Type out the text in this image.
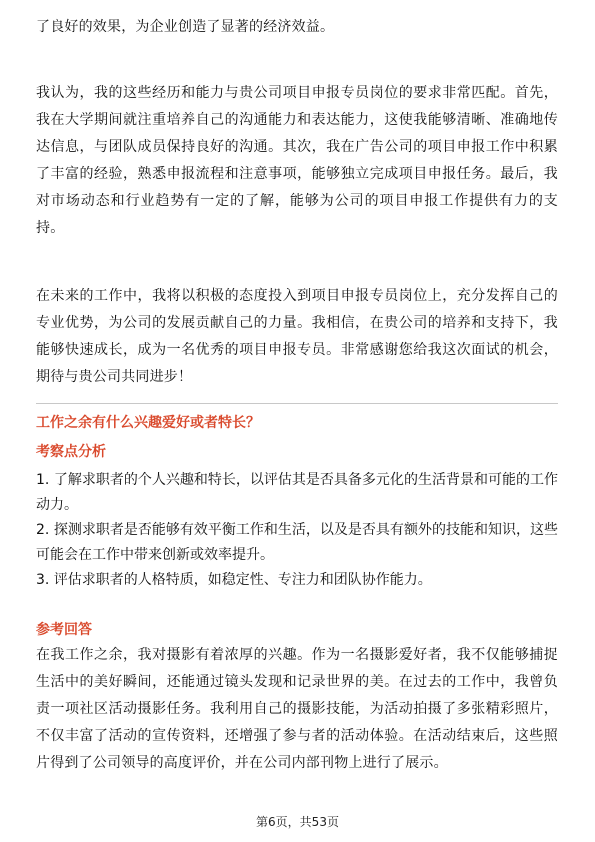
了良好的效果，为企业创造了显著的经济效益。

我认为，我的这些经历和能力与贵公司项目申报专员岗位的要求非常匹配。首先，我在大学期间就注重培养自己的沟通能力和表达能力，这使我能够清晰、准确地传达信息，与团队成员保持良好的沟通。其次，我在广告公司的项目申报工作中积累了丰富的经验，熟悉申报流程和注意事项，能够独立完成项目申报任务。最后，我对市场动态和行业趋势有一定的了解，能够为公司的项目申报工作提供有力的支持。

在未来的工作中，我将以积极的态度投入到项目申报专员岗位上，充分发挥自己的专业优势，为公司的发展贡献自己的力量。我相信，在贵公司的培养和支持下，我能够快速成长，成为一名优秀的项目申报专员。非常感谢您给我这次面试的机会，期待与贵公司共同进步！

工作之余有什么兴趣爱好或者特长？

考察点分析

1. 了解求职者的个人兴趣和特长，以评估其是否具备多元化的生活背景和可能的工作动力。
2. 探测求职者是否能够有效平衡工作和生活，以及是否具有额外的技能和知识，这些可能会在工作中带来创新或效率提升。
3. 评估求职者的人格特质，如稳定性、专注力和团队协作能力。

参考回答

在我工作之余，我对摄影有着浓厚的兴趣。作为一名摄影爱好者，我不仅能够捕捉生活中的美好瞬间，还能通过镜头发现和记录世界的美。在过去的工作中，我曾负责一项社区活动摄影任务。我利用自己的摄影技能，为活动拍摄了多张精彩照片，不仅丰富了活动的宣传资料，还增强了参与者的活动体验。在活动结束后，这些照片得到了公司领导的高度评价，并在公司内部刊物上进行了展示。

第6页，共53页
